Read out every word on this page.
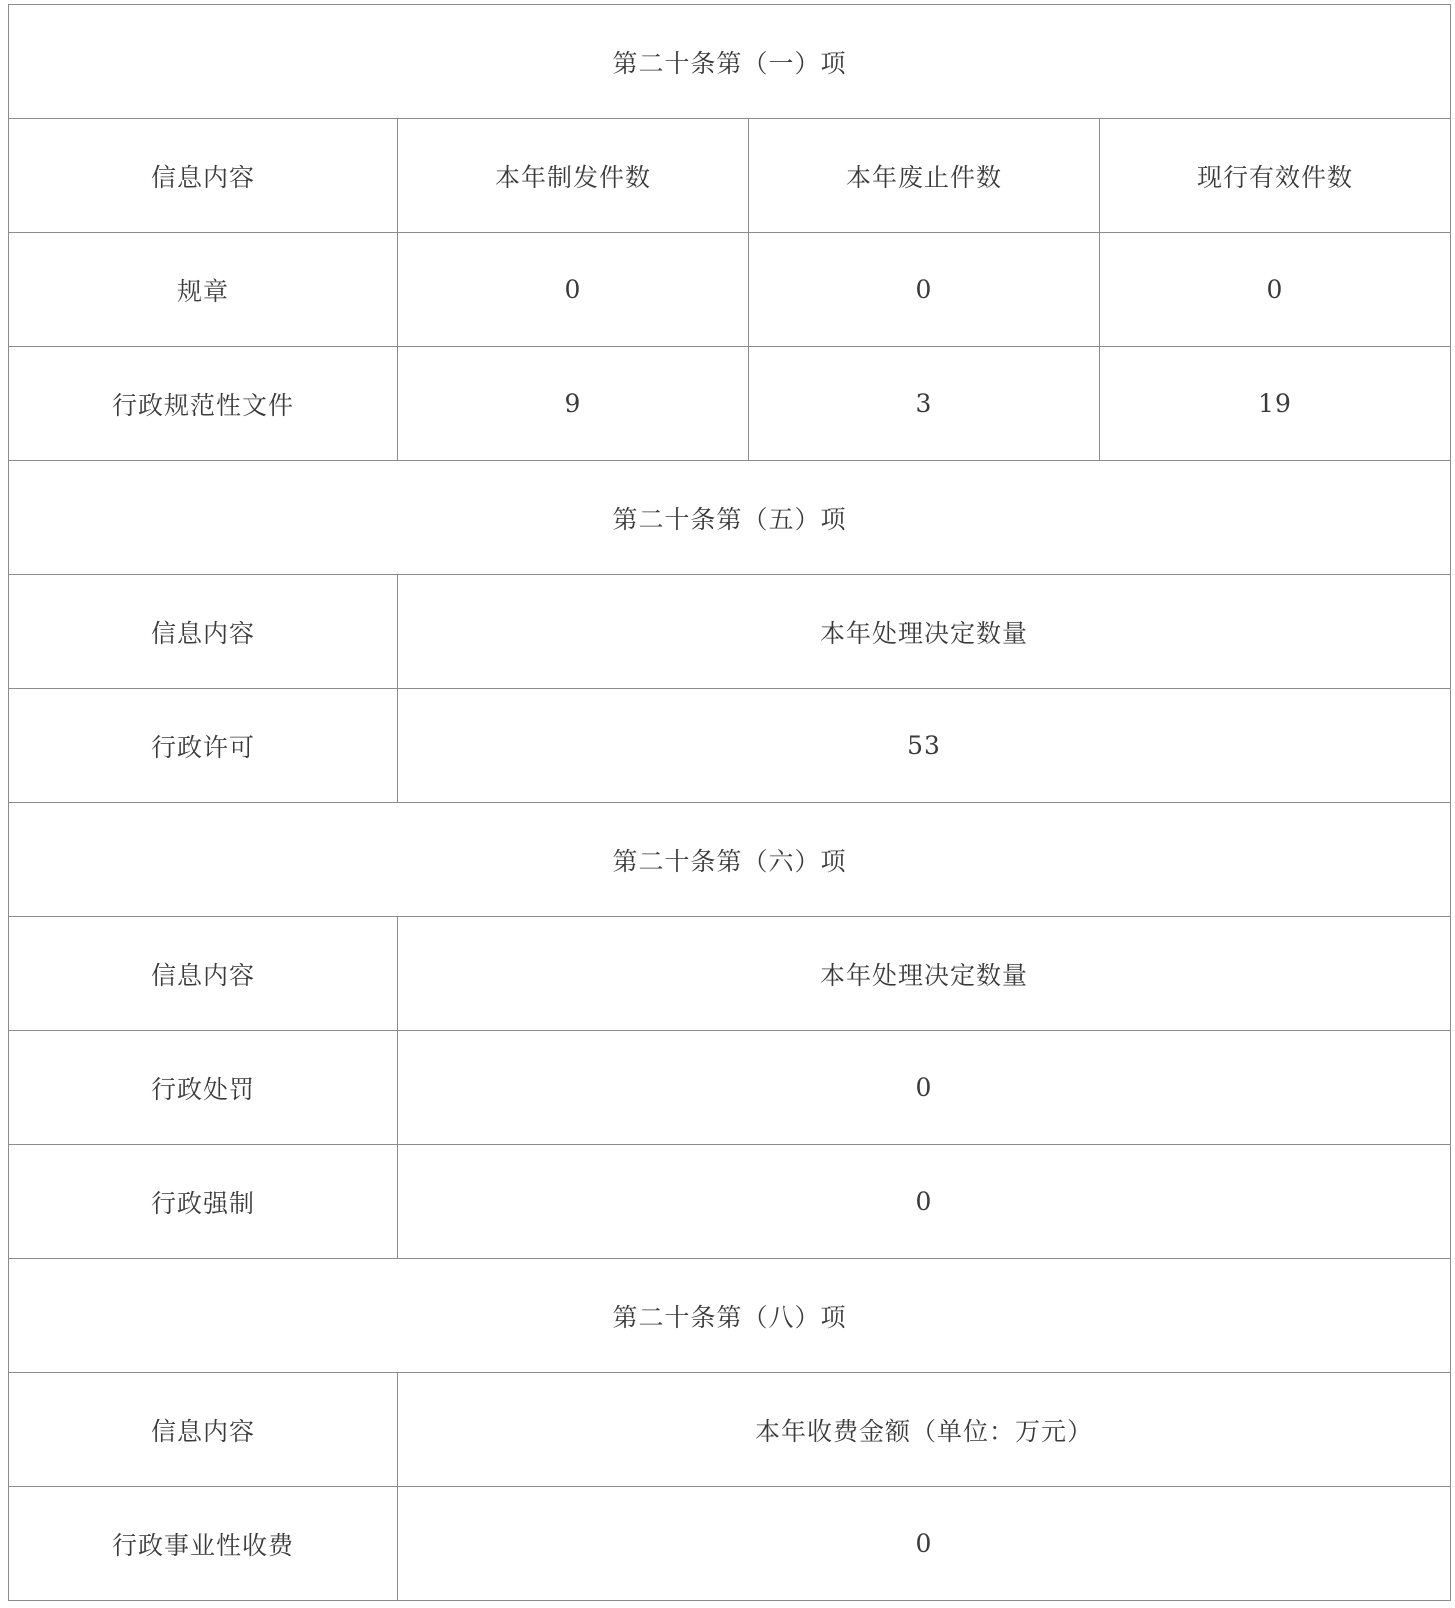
第二十条第（一）项			
信息内容	本年制发件数	本年废止件数	现行有效件数
规章	0	0	0
行政规范性文件	9	3	19
第二十条第（五）项			
信息内容	本年处理决定数量		
行政许可	53		
第二十条第（六）项			
信息内容	本年处理决定数量		
行政处罚	0		
行政强制	0		
第二十条第（八）项			
信息内容	本年收费金额（单位：万元）		
行政事业性收费	0		
